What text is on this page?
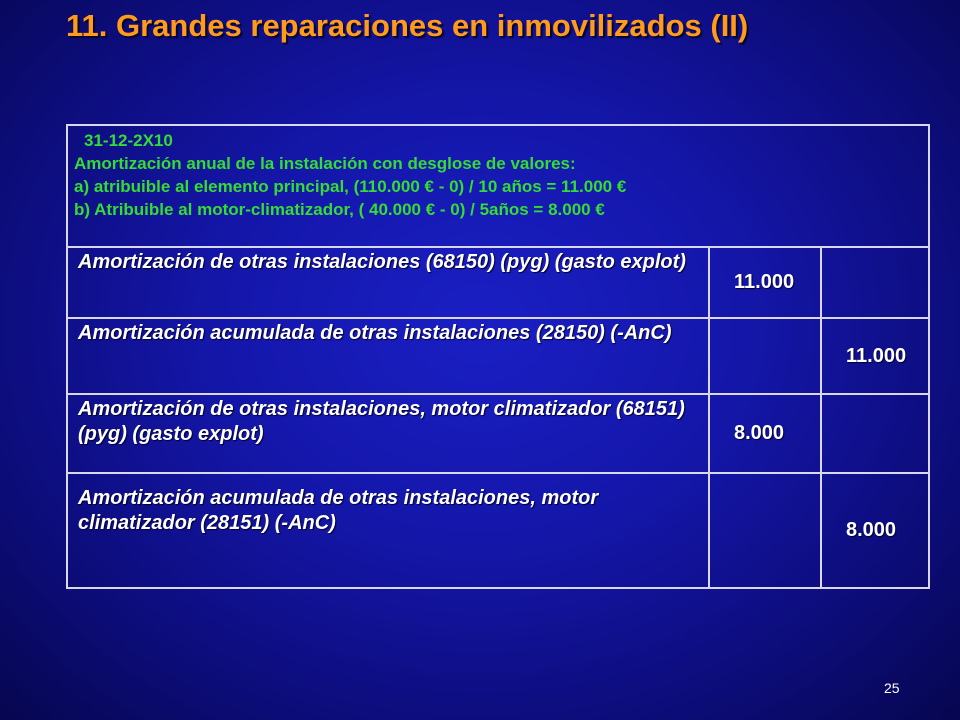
11. Grandes reparaciones en inmovilizados (II)
31-12-2X10
Amortización anual de la instalación con desglose de valores:
a) atribuible al elemento principal, (110.000 € - 0) / 10 años = 11.000 €
b) Atribuible al motor-climatizador, ( 40.000 € - 0) / 5años = 8.000 €		

Amortización de otras instalaciones (68150) (pyg) (gasto explot)	11.000	
Amortización acumulada de otras instalaciones (28150) (-AnC)		11.000
Amortización de otras instalaciones, motor climatizador (68151) (pyg) (gasto explot)	8.000	
Amortización acumulada de otras instalaciones, motor climatizador (28151) (-AnC)		8.000
25
